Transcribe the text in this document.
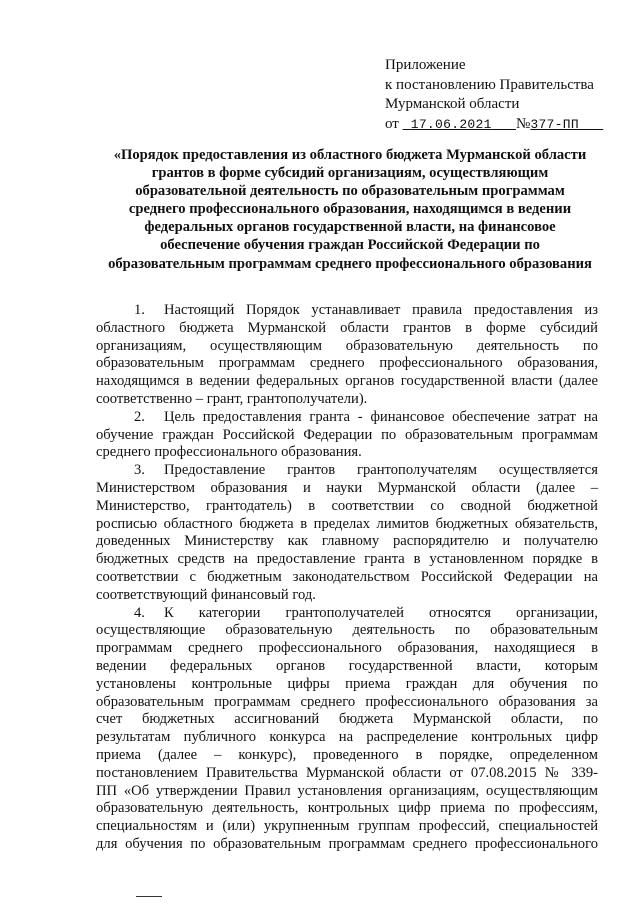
Приложение
к постановлению Правительства
Мурманской области
от 17.06.2021 №377-ПП
«Порядок предоставления из областного бюджета Мурманской области
грантов в форме субсидий организациям, осуществляющим
образовательной деятельность по образовательным программам
среднего профессионального образования, находящимся в ведении
федеральных органов государственной власти, на финансовое
обеспечение обучения граждан Российской Федерации по
образовательным программам среднего профессионального образования
1. Настоящий Порядок устанавливает правила предоставления из
областного бюджета Мурманской области грантов в форме субсидий
организациям, осуществляющим образовательную деятельность по
образовательным программам среднего профессионального образования,
находящимся в ведении федеральных органов государственной власти (далее
соответственно – грант, грантополучатели).
2. Цель предоставления гранта - финансовое обеспечение затрат на
обучение граждан Российской Федерации по образовательным программам
среднего профессионального образования.
3. Предоставление грантов грантополучателям осуществляется
Министерством образования и науки Мурманской области (далее –
Министерство, грантодатель) в соответствии со сводной бюджетной
росписью областного бюджета в пределах лимитов бюджетных обязательств,
доведенных Министерству как главному распорядителю и получателю
бюджетных средств на предоставление гранта в установленном порядке в
соответствии с бюджетным законодательством Российской Федерации на
соответствующий финансовый год.
4. К категории грантополучателей относятся организации,
осуществляющие образовательную деятельность по образовательным
программам среднего профессионального образования, находящиеся в
ведении федеральных органов государственной власти, которым
установлены контрольные цифры приема граждан для обучения по
образовательным программам среднего профессионального образования за
счет бюджетных ассигнований бюджета Мурманской области, по
результатам публичного конкурса на распределение контрольных цифр
приема (далее – конкурс), проведенного в порядке, определенном
постановлением Правительства Мурманской области от 07.08.2015 № 339-
ПП «Об утверждении Правил установления организациям, осуществляющим
образовательную деятельность, контрольных цифр приема по профессиям,
специальностям и (или) укрупненным группам профессий, специальностей
для обучения по образовательным программам среднего профессионального
